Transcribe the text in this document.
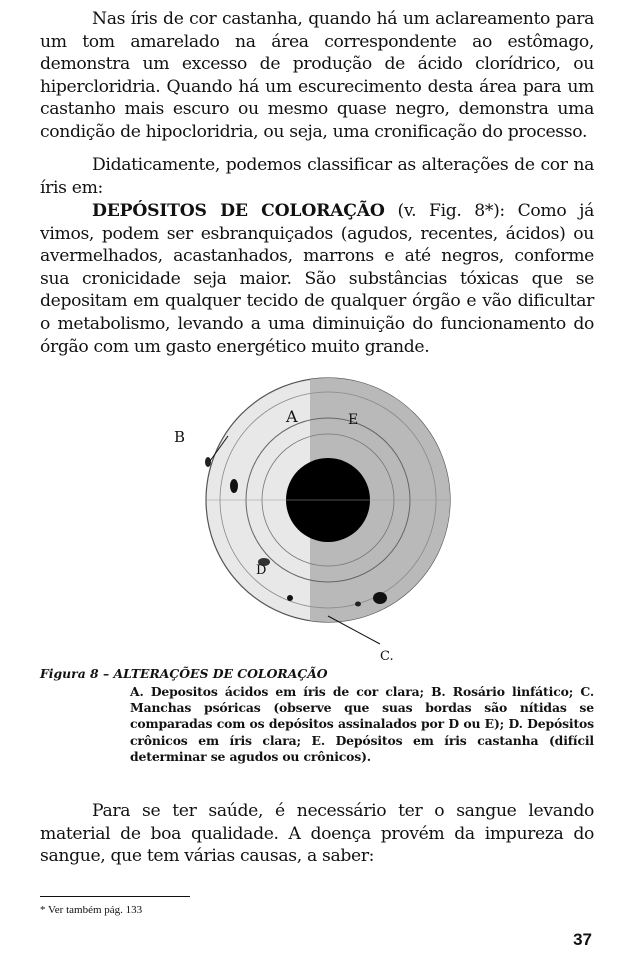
Nas íris de cor castanha, quando há um aclareamento para um tom amarelado na área correspondente ao estômago, demonstra um excesso de produção de ácido clorídrico, ou hipercloridria. Quando há um escurecimento desta área para um castanho mais escuro ou mesmo quase negro, demonstra uma condição de hipocloridria, ou seja, uma cronificação do processo.

Didaticamente, podemos classificar as alterações de cor na íris em:

DEPÓSITOS DE COLORAÇÃO (v. Fig. 8*): Como já vimos, podem ser esbranquiçados (agudos, recentes, ácidos) ou avermelhados, acastanhados, marrons e até negros, conforme sua cronicidade seja maior. São substâncias tóxicas que se depositam em qualquer tecido de qualquer órgão e vão dificultar o metabolismo, levando a uma diminuição do funcionamento do órgão com um gasto energético muito grande.

A
B
E
D
C.
Figura 8 – ALTERAÇÕES DE COLORAÇÃO
A. Depositos ácidos em íris de cor clara; B. Rosário linfático; C. Manchas psóricas (observe que suas bordas são nítidas se comparadas com os depósitos assinalados por D ou E); D. Depósitos crônicos em íris clara; E. Depósitos em íris castanha (difícil determinar se agudos ou crônicos).

Para se ter saúde, é necessário ter o sangue levando material de boa qualidade. A doença provém da impureza do sangue, que tem várias causas, a saber:

* Ver também pág. 133
37
